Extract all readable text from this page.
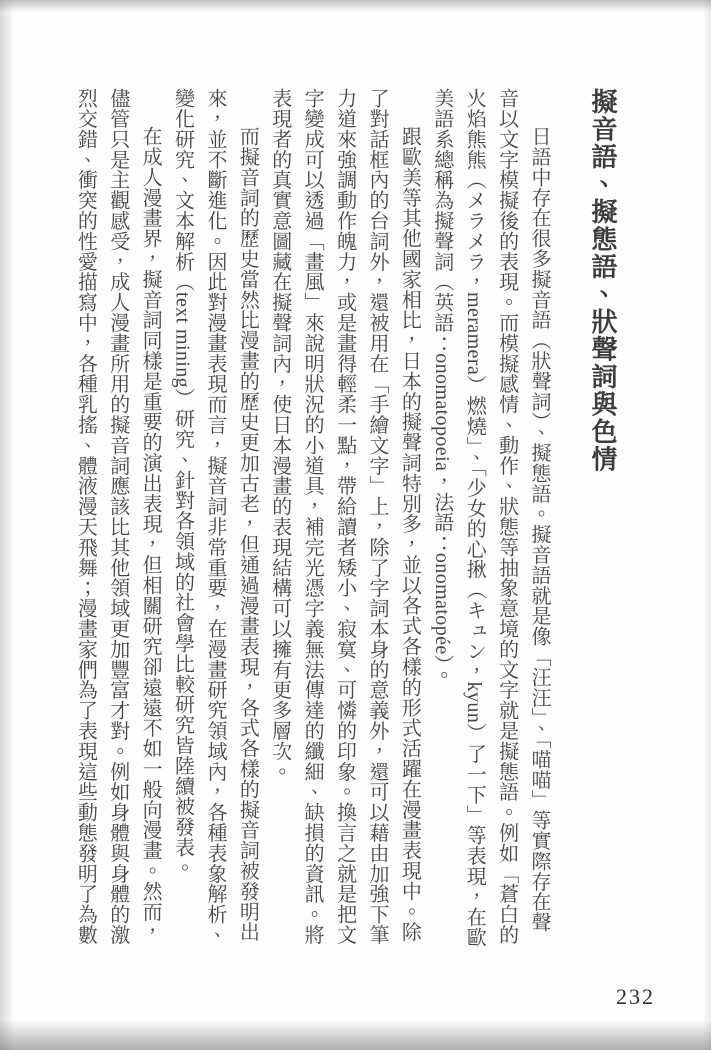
擬音語、擬態語、狀聲詞與色情

日語中存在很多擬音語（狀聲詞）、擬態語。擬音語就是像「汪汪」、「喵喵」等實際存在聲音以文字模擬後的表現。而模擬感情、動作、狀態等抽象意境的文字就是擬態語。例如「蒼白的火焰熊熊（メラメラ，meramera）燃燒」、「少女的心揪（キュン，kyun）了一下」等表現，在歐美語系總稱為擬聲詞（英語：onomatopoeia，法語：onomatopée）。

跟歐美等其他國家相比，日本的擬聲詞特別多，並以各式各樣的形式活躍在漫畫表現中。除了對話框內的台詞外，還被用在「手繪文字」上，除了字詞本身的意義外，還可以藉由加強下筆力道來強調動作魄力，或是畫得輕柔一點，帶給讀者矮小、寂寞、可憐的印象。換言之就是把文字變成可以透過「畫風」來說明狀況的小道具，補完光憑字義無法傳達的纖細、缺損的資訊。將表現者的真實意圖藏在擬聲詞內，使日本漫畫的表現結構可以擁有更多層次。

而擬音詞的歷史當然比漫畫的歷史更加古老，但通過漫畫表現，各式各樣的擬音詞被發明出來，並不斷進化。因此對漫畫表現而言，擬音詞非常重要，在漫畫研究領域內，各種表象解析、變化研究、文本解析（text mining）研究、針對各領域的社會學比較研究皆陸續被發表。

在成人漫畫界，擬音詞同樣是重要的演出表現，但相關研究卻遠遠不如一般向漫畫。然而，儘管只是主觀感受，成人漫畫所用的擬音詞應該比其他領域更加豐富才對。例如身體與身體的激烈交錯、衝突的性愛描寫中，各種乳搖、體液漫天飛舞；漫畫家們為了表現這些動態發明了為數

232
